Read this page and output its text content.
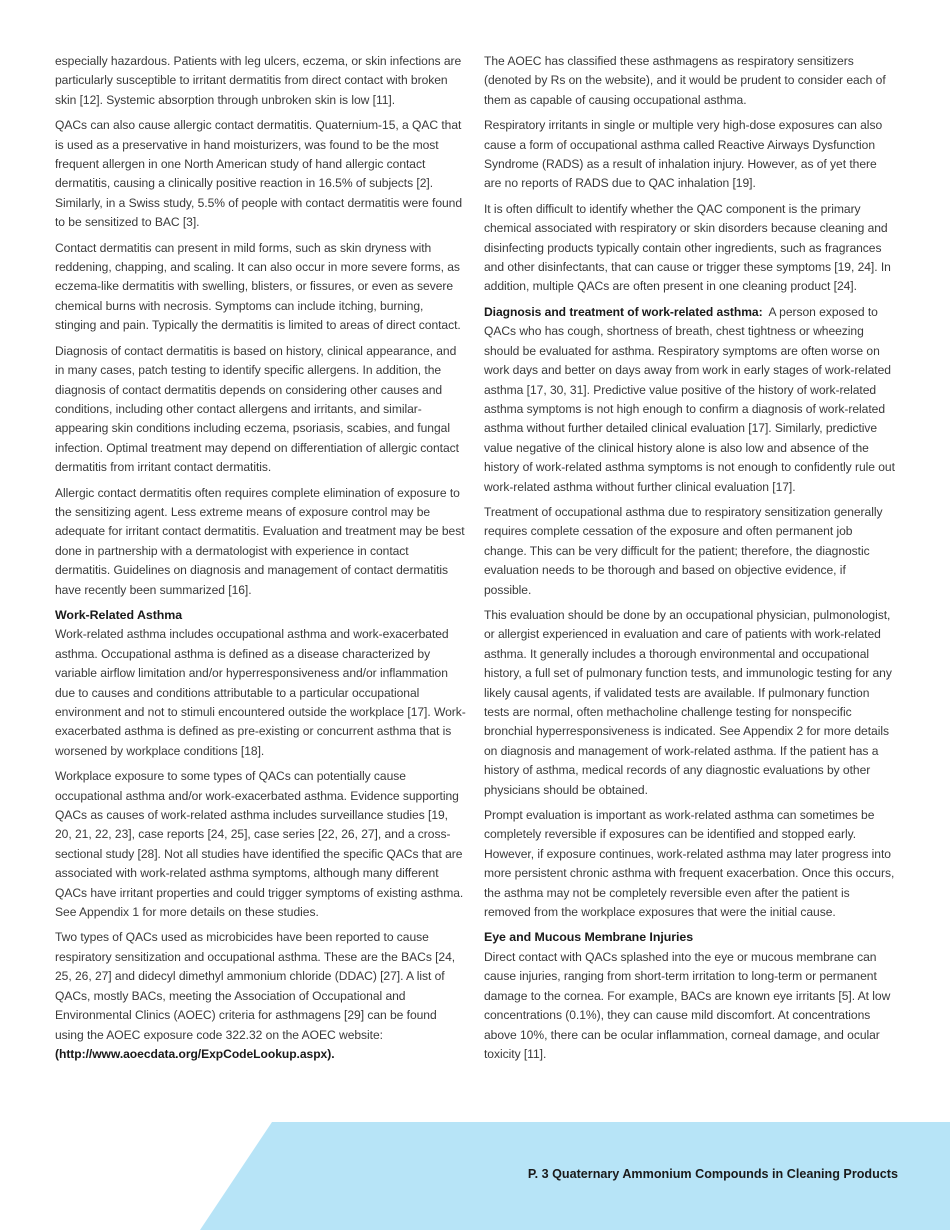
especially hazardous. Patients with leg ulcers, eczema, or skin infections are particularly susceptible to irritant dermatitis from direct contact with broken skin [12]. Systemic absorption through unbroken skin is low [11].

QACs can also cause allergic contact dermatitis. Quaternium-15, a QAC that is used as a preservative in hand moisturizers, was found to be the most frequent allergen in one North American study of hand allergic contact dermatitis, causing a clinically positive reaction in 16.5% of subjects [2]. Similarly, in a Swiss study, 5.5% of people with contact dermatitis were found to be sensitized to BAC [3].

Contact dermatitis can present in mild forms, such as skin dryness with reddening, chapping, and scaling. It can also occur in more severe forms, as eczema-like dermatitis with swelling, blisters, or fissures, or even as severe chemical burns with necrosis. Symptoms can include itching, burning, stinging and pain. Typically the dermatitis is limited to areas of direct contact.

Diagnosis of contact dermatitis is based on history, clinical appearance, and in many cases, patch testing to identify specific allergens. In addition, the diagnosis of contact dermatitis depends on considering other causes and conditions, including other contact allergens and irritants, and similar-appearing skin conditions including eczema, psoriasis, scabies, and fungal infection. Optimal treatment may depend on differentiation of allergic contact dermatitis from irritant contact dermatitis.

Allergic contact dermatitis often requires complete elimination of exposure to the sensitizing agent. Less extreme means of exposure control may be adequate for irritant contact dermatitis. Evaluation and treatment may be best done in partnership with a dermatologist with experience in contact dermatitis. Guidelines on diagnosis and management of contact dermatitis have recently been summarized [16].

Work-Related Asthma

Work-related asthma includes occupational asthma and work-exacerbated asthma. Occupational asthma is defined as a disease characterized by variable airflow limitation and/or hyperresponsiveness and/or inflammation due to causes and conditions attributable to a particular occupational environment and not to stimuli encountered outside the workplace [17]. Work-exacerbated asthma is defined as pre-existing or concurrent asthma that is worsened by workplace conditions [18].

Workplace exposure to some types of QACs can potentially cause occupational asthma and/or work-exacerbated asthma. Evidence supporting QACs as causes of work-related asthma includes surveillance studies [19, 20, 21, 22, 23], case reports [24, 25], case series [22, 26, 27], and a cross-sectional study [28]. Not all studies have identified the specific QACs that are associated with work-related asthma symptoms, although many different QACs have irritant properties and could trigger symptoms of existing asthma. See Appendix 1 for more details on these studies.

Two types of QACs used as microbicides have been reported to cause respiratory sensitization and occupational asthma. These are the BACs [24, 25, 26, 27] and didecyl dimethyl ammonium chloride (DDAC) [27]. A list of QACs, mostly BACs, meeting the Association of Occupational and Environmental Clinics (AOEC) criteria for asthmagens [29] can be found using the AOEC exposure code 322.32 on the AOEC website:
(http://www.aoecdata.org/ExpCodeLookup.aspx).

The AOEC has classified these asthmagens as respiratory sensitizers (denoted by Rs on the website), and it would be prudent to consider each of them as capable of causing occupational asthma.

Respiratory irritants in single or multiple very high-dose exposures can also cause a form of occupational asthma called Reactive Airways Dysfunction Syndrome (RADS) as a result of inhalation injury. However, as of yet there are no reports of RADS due to QAC inhalation [19].

It is often difficult to identify whether the QAC component is the primary chemical associated with respiratory or skin disorders because cleaning and disinfecting products typically contain other ingredients, such as fragrances and other disinfectants, that can cause or trigger these symptoms [19, 24]. In addition, multiple QACs are often present in one cleaning product [24].

Diagnosis and treatment of work-related asthma:  A person exposed to QACs who has cough, shortness of breath, chest tightness or wheezing should be evaluated for asthma. Respiratory symptoms are often worse on work days and better on days away from work in early stages of work-related asthma [17, 30, 31]. Predictive value positive of the history of work-related asthma symptoms is not high enough to confirm a diagnosis of work-related asthma without further detailed clinical evaluation [17]. Similarly, predictive value negative of the clinical history alone is also low and absence of the history of work-related asthma symptoms is not enough to confidently rule out work-related asthma without further clinical evaluation [17].

Treatment of occupational asthma due to respiratory sensitization generally requires complete cessation of the exposure and often permanent job change. This can be very difficult for the patient; therefore, the diagnostic evaluation needs to be thorough and based on objective evidence, if possible.

This evaluation should be done by an occupational physician, pulmonologist, or allergist experienced in evaluation and care of patients with work-related asthma. It generally includes a thorough environmental and occupational history, a full set of pulmonary function tests, and immunologic testing for any likely causal agents, if validated tests are available. If pulmonary function tests are normal, often methacholine challenge testing for nonspecific bronchial hyperresponsiveness is indicated. See Appendix 2 for more details on diagnosis and management of work-related asthma. If the patient has a history of asthma, medical records of any diagnostic evaluations by other physicians should be obtained.

Prompt evaluation is important as work-related asthma can sometimes be completely reversible if exposures can be identified and stopped early. However, if exposure continues, work-related asthma may later progress into more persistent chronic asthma with frequent exacerbation. Once this occurs, the asthma may not be completely reversible even after the patient is removed from the workplace exposures that were the initial cause.

Eye and Mucous Membrane Injuries

Direct contact with QACs splashed into the eye or mucous membrane can cause injuries, ranging from short-term irritation to long-term or permanent damage to the cornea. For example, BACs are known eye irritants [5]. At low concentrations (0.1%), they can cause mild discomfort. At concentrations above 10%, there can be ocular inflammation, corneal damage, and ocular toxicity [11].

P. 3 Quaternary Ammonium Compounds in Cleaning Products
